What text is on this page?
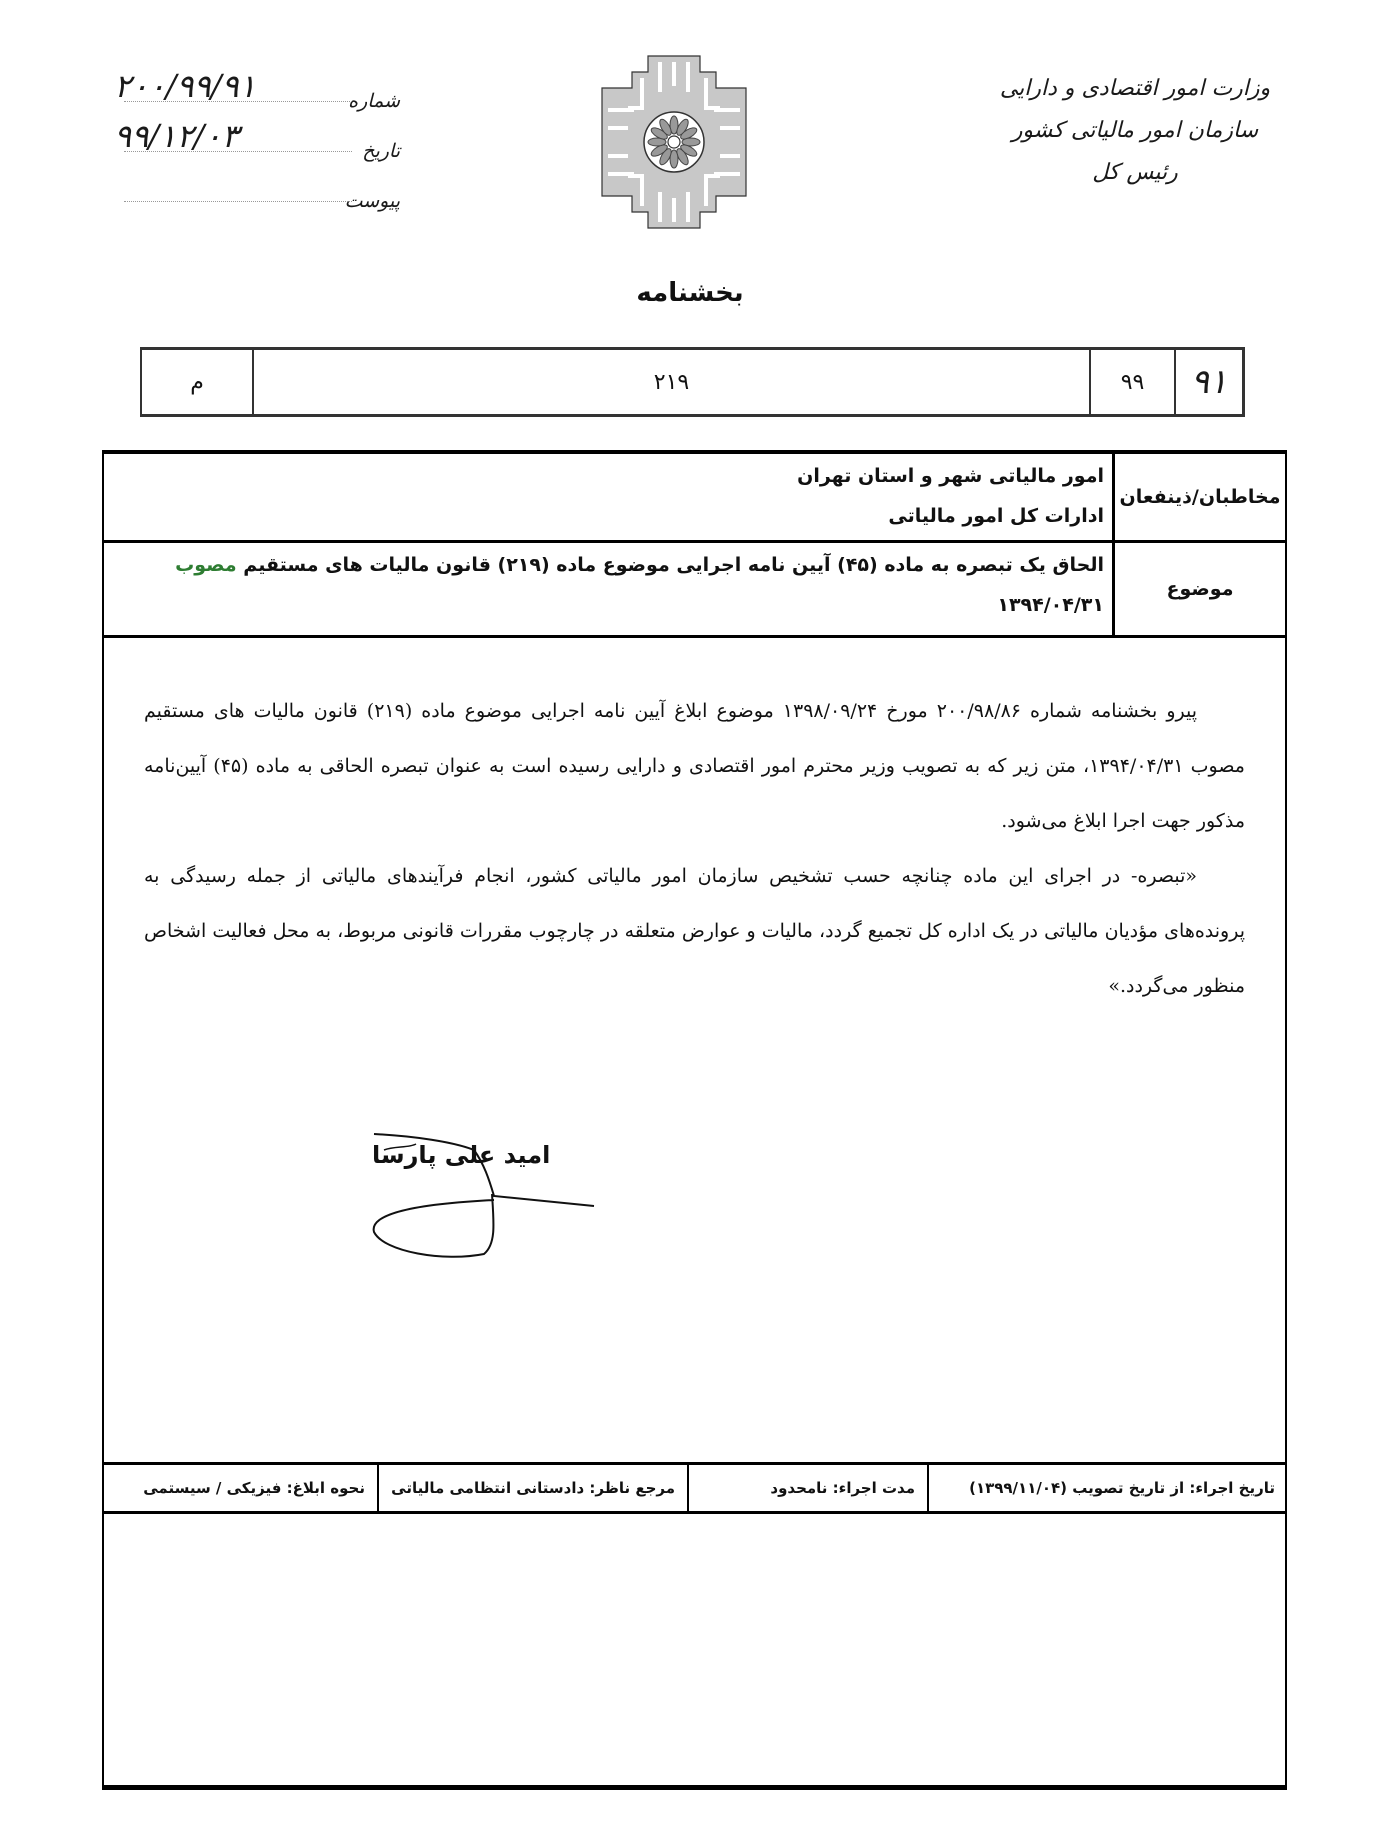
وزارت امور اقتصادی و دارایی
سازمان امور مالیاتی کشور
رئیس کل
شماره
۲۰۰/۹۹/۹۱
تاریخ
۹۹/۱۲/۰۳
پیوست
بخشنامه
۹۱
۹۹
۲۱۹
م
مخاطبان/ذینفعان
امور مالیاتی شهر و استان تهران
ادارات کل امور مالیاتی
موضوع
الحاق یک تبصره به ماده (۴۵) آیین نامه اجرایی موضوع ماده (۲۱۹) قانون مالیات های مستقیم مصوب
۱۳۹۴/۰۴/۳۱

پیرو بخشنامه شماره ۲۰۰/۹۸/۸۶ مورخ ۱۳۹۸/۰۹/۲۴ موضوع ابلاغ آیین نامه اجرایی موضوع ماده (۲۱۹) قانون مالیات های مستقیم مصوب ۱۳۹۴/۰۴/۳۱، متن زیر که به تصویب وزیر محترم امور اقتصادی و دارایی رسیده است به عنوان تبصره الحاقی به ماده (۴۵) آیین‌نامه مذکور جهت اجرا ابلاغ می‌شود.

«تبصره- در اجرای این ماده چنانچه حسب تشخیص سازمان امور مالیاتی کشور، انجام فرآیندهای مالیاتی از جمله رسیدگی به پرونده‌های مؤدیان مالیاتی در یک اداره کل تجمیع گردد، مالیات و عوارض متعلقه در چارچوب مقررات قانونی مربوط، به محل فعالیت اشخاص منظور می‌گردد.»

امید علی پارسا
تاریخ اجراء: از تاریخ تصویب (۱۳۹۹/۱۱/۰۴)
مدت اجراء: نامحدود
مرجع ناظر: دادستانی انتظامی مالیاتی
نحوه ابلاغ: فیزیکی / سیستمی
